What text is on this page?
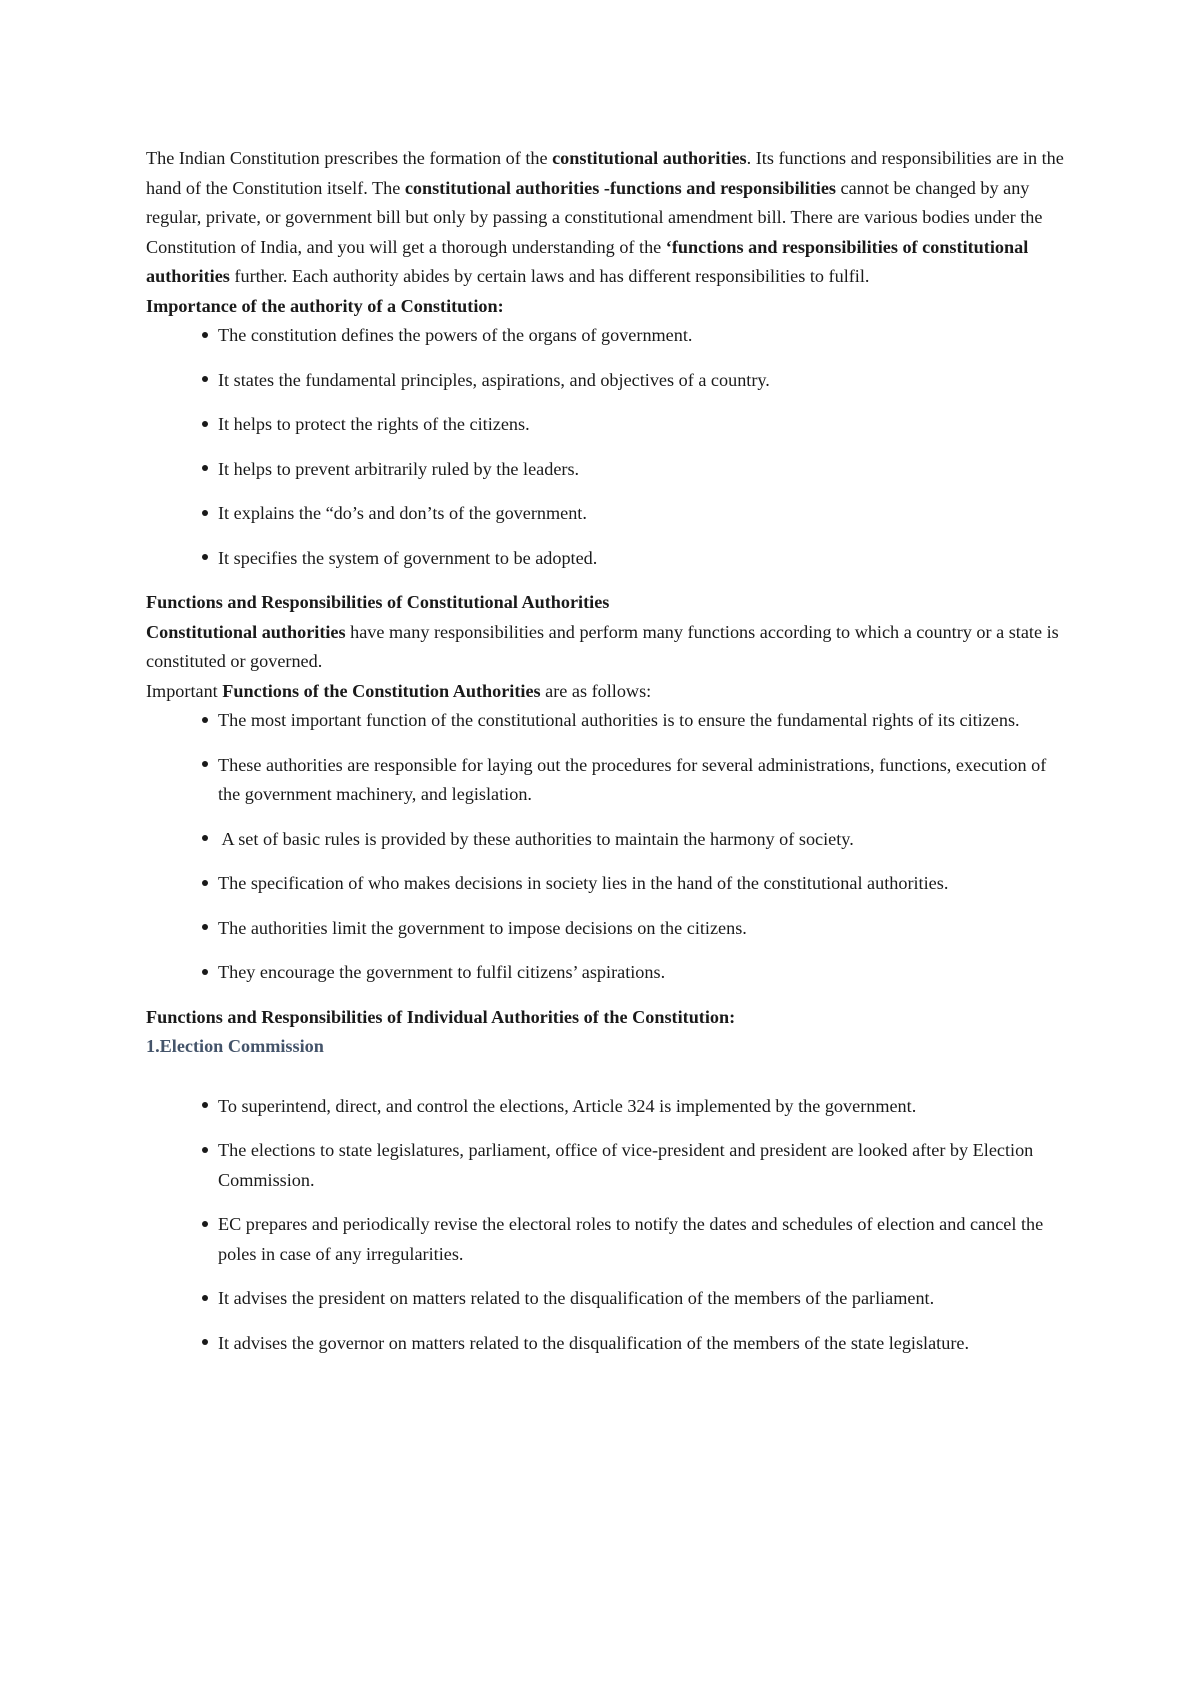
The Indian Constitution prescribes the formation of the constitutional authorities. Its functions and responsibilities are in the hand of the Constitution itself. The constitutional authorities -functions and responsibilities cannot be changed by any regular, private, or government bill but only by passing a constitutional amendment bill. There are various bodies under the Constitution of India, and you will get a thorough understanding of the ‘functions and responsibilities of constitutional authorities further. Each authority abides by certain laws and has different responsibilities to fulfil.

Importance of the authority of a Constitution:

The constitution defines the powers of the organs of government.
It states the fundamental principles, aspirations, and objectives of a country.
It helps to protect the rights of the citizens.
It helps to prevent arbitrarily ruled by the leaders.
It explains the “do’s and don’ts of the government.
It specifies the system of government to be adopted.

Functions and Responsibilities of Constitutional Authorities

Constitutional authorities have many responsibilities and perform many functions according to which a country or a state is constituted or governed.

Important Functions of the Constitution Authorities are as follows:

The most important function of the constitutional authorities is to ensure the fundamental rights of its citizens.
These authorities are responsible for laying out the procedures for several administrations, functions, execution of the government machinery, and legislation.
A set of basic rules is provided by these authorities to maintain the harmony of society.
The specification of who makes decisions in society lies in the hand of the constitutional authorities.
The authorities limit the government to impose decisions on the citizens.
They encourage the government to fulfil citizens’ aspirations.

Functions and Responsibilities of Individual Authorities of the Constitution:

1.Election Commission

To superintend, direct, and control the elections, Article 324 is implemented by the government.
The elections to state legislatures, parliament, office of vice-president and president are looked after by Election Commission.
EC prepares and periodically revise the electoral roles to notify the dates and schedules of election and cancel the poles in case of any irregularities.
It advises the president on matters related to the disqualification of the members of the parliament.
It advises the governor on matters related to the disqualification of the members of the state legislature.
